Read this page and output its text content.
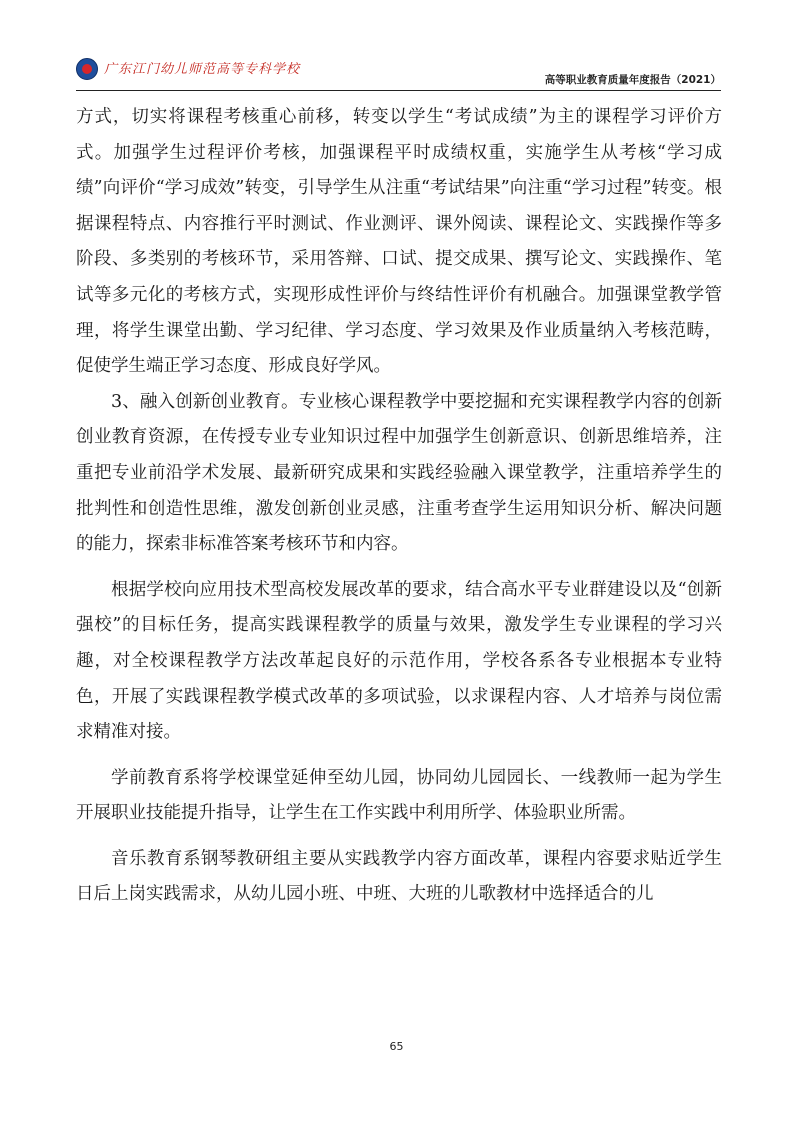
广东江门幼儿师范高等专科学校
高等职业教育质量年度报告（2021）

方式，切实将课程考核重心前移，转变以学生“考试成绩”为主的课程学习评价方式。加强学生过程评价考核，加强课程平时成绩权重，实施学生从考核“学习成绩”向评价“学习成效”转变，引导学生从注重“考试结果”向注重“学习过程”转变。根据课程特点、内容推行平时测试、作业测评、课外阅读、课程论文、实践操作等多阶段、多类别的考核环节，采用答辩、口试、提交成果、撰写论文、实践操作、笔试等多元化的考核方式，实现形成性评价与终结性评价有机融合。加强课堂教学管理，将学生课堂出勤、学习纪律、学习态度、学习效果及作业质量纳入考核范畴，促使学生端正学习态度、形成良好学风。

3、融入创新创业教育。专业核心课程教学中要挖掘和充实课程教学内容的创新创业教育资源，在传授专业专业知识过程中加强学生创新意识、创新思维培养，注重把专业前沿学术发展、最新研究成果和实践经验融入课堂教学，注重培养学生的批判性和创造性思维，激发创新创业灵感，注重考查学生运用知识分析、解决问题的能力，探索非标准答案考核环节和内容。

根据学校向应用技术型高校发展改革的要求，结合高水平专业群建设以及“创新强校”的目标任务，提高实践课程教学的质量与效果，激发学生专业课程的学习兴趣，对全校课程教学方法改革起良好的示范作用，学校各系各专业根据本专业特色，开展了实践课程教学模式改革的多项试验，以求课程内容、人才培养与岗位需求精准对接。

学前教育系将学校课堂延伸至幼儿园，协同幼儿园园长、一线教师一起为学生开展职业技能提升指导，让学生在工作实践中利用所学、体验职业所需。

音乐教育系钢琴教研组主要从实践教学内容方面改革，课程内容要求贴近学生日后上岗实践需求，从幼儿园小班、中班、大班的儿歌教材中选择适合的儿

65
